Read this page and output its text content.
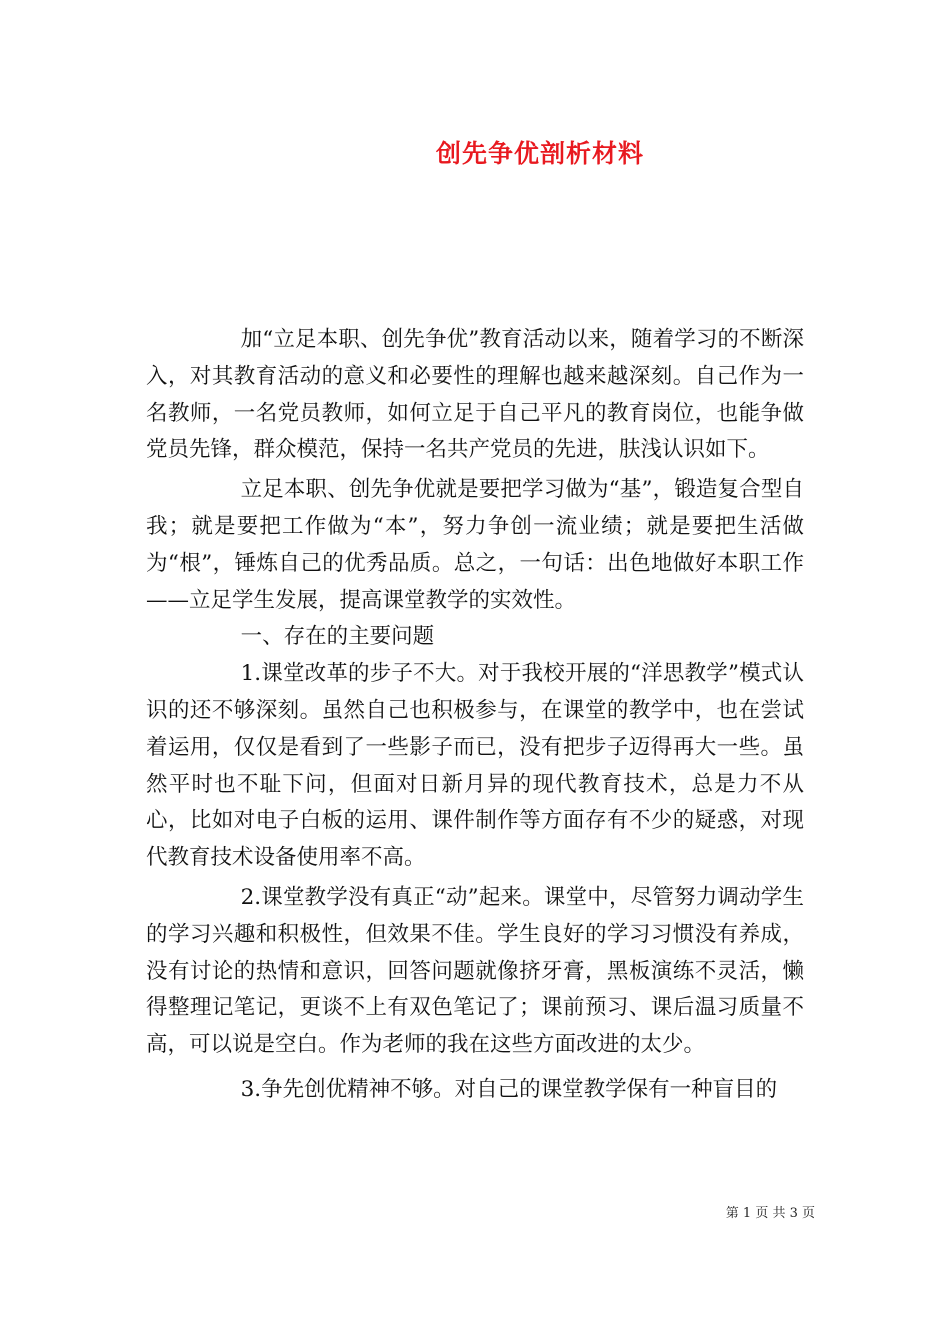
创先争优剖析材料

加“立足本职、创先争优”教育活动以来，随着学习的不断深入，对其教育活动的意义和必要性的理解也越来越深刻。自己作为一名教师，一名党员教师，如何立足于自己平凡的教育岗位，也能争做党员先锋，群众模范，保持一名共产党员的先进，肤浅认识如下。

立足本职、创先争优就是要把学习做为“基”，锻造复合型自我；就是要把工作做为“本”，努力争创一流业绩；就是要把生活做为“根”，锤炼自己的优秀品质。总之，一句话：出色地做好本职工作——立足学生发展，提高课堂教学的实效性。

一、存在的主要问题

1.课堂改革的步子不大。对于我校开展的“洋思教学”模式认识的还不够深刻。虽然自己也积极参与，在课堂的教学中，也在尝试着运用，仅仅是看到了一些影子而已，没有把步子迈得再大一些。虽然平时也不耻下问，但面对日新月异的现代教育技术，总是力不从心，比如对电子白板的运用、课件制作等方面存有不少的疑惑，对现代教育技术设备使用率不高。

2.课堂教学没有真正“动”起来。课堂中，尽管努力调动学生的学习兴趣和积极性，但效果不佳。学生良好的学习习惯没有养成，没有讨论的热情和意识，回答问题就像挤牙膏，黑板演练不灵活，懒得整理记笔记，更谈不上有双色笔记了；课前预习、课后温习质量不高，可以说是空白。作为老师的我在这些方面改进的太少。

3.争先创优精神不够。对自己的课堂教学保有一种盲目的

第 1 页 共 3 页
